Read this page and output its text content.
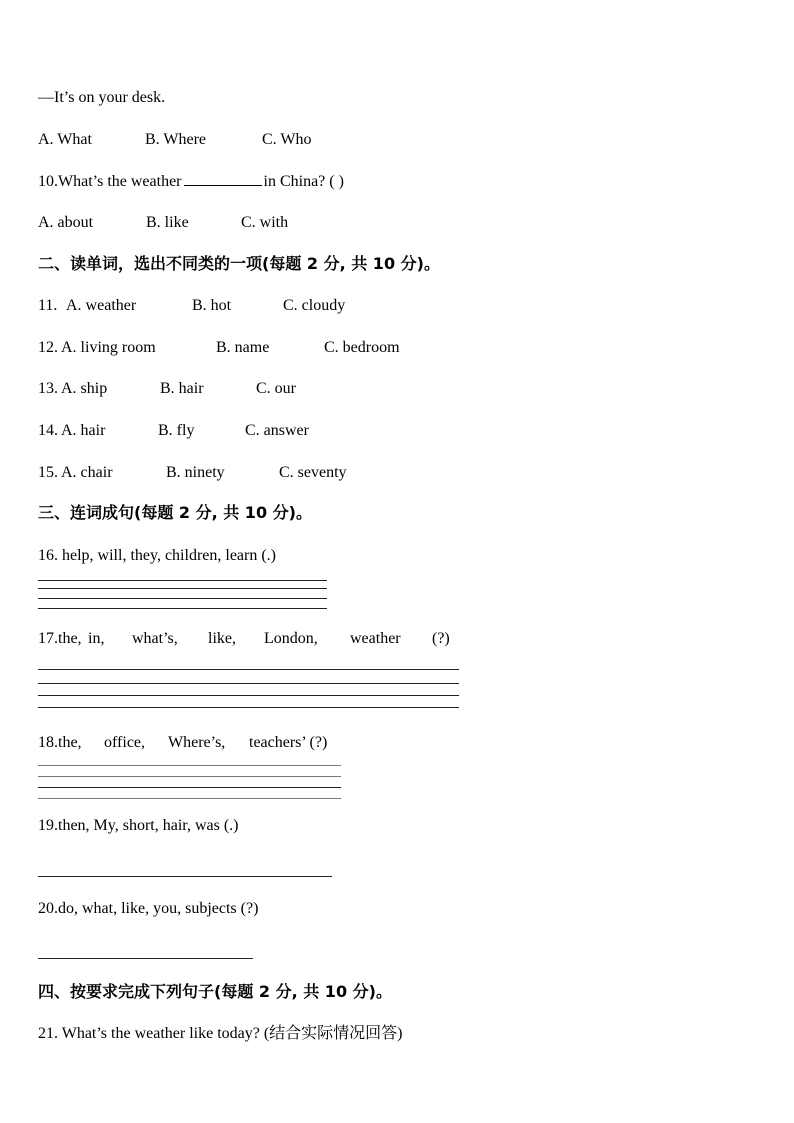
—It’s on your desk.
A. What	B. Where	C. Who
10.What’s the weather	in China? ( )
A. about	B. like	C. with
二、读单词，选出不同类的一项(每题 2 分, 共 10 分)。
11. A. weather	B. hot	C. cloudy
12. A. living room	B. name	C. bedroom
13. A. ship	B. hair	C. our
14. A. hair	B. fly	C. answer
15. A. chair	B. ninety	C. seventy
三、连词成句(每题 2 分, 共 10 分)。
16. help, will, they, children, learn (.)
17.the, in, what’s, like, London, weather (?)
18.the, office, Where’s, teachers’ (?)
19.then, My, short, hair, was (.)
20.do, what, like, you, subjects (?)
四、按要求完成下列句子(每题 2 分, 共 10 分)。
21. What’s the weather like today? (结合实际情况回答)
